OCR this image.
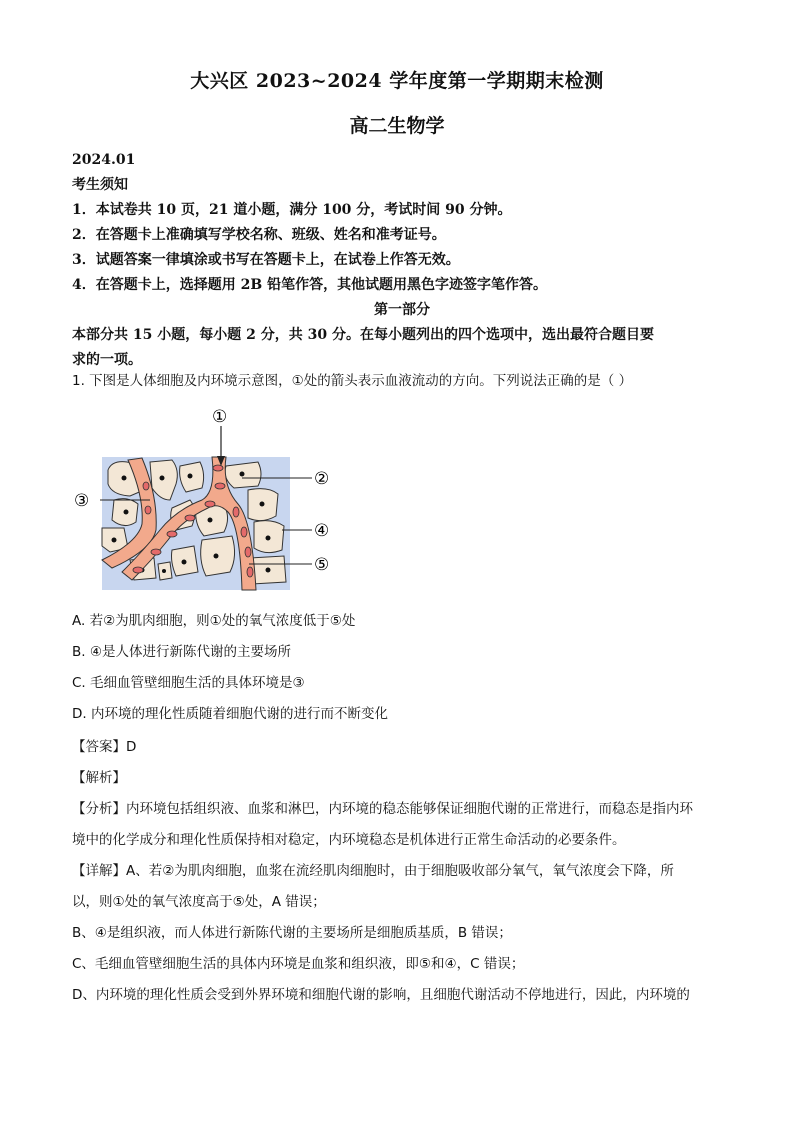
大兴区 2023~2024 学年度第一学期期末检测
高二生物学
2024.01
考生须知
1．本试卷共 10 页，21 道小题，满分 100 分，考试时间 90 分钟。
2．在答题卡上准确填写学校名称、班级、姓名和准考证号。
3．试题答案一律填涂或书写在答题卡上，在试卷上作答无效。
4．在答题卡上，选择题用 2B 铅笔作答，其他试题用黑色字迹签字笔作答。
第一部分
本部分共 15 小题，每小题 2 分，共 30 分。在每小题列出的四个选项中，选出最符合题目要
求的一项。
1. 下图是人体细胞及内环境示意图，①处的箭头表示血液流动的方向。下列说法正确的是（ ）
①
②
③
④
⑤
A. 若②为肌肉细胞，则①处的氧气浓度低于⑤处
B. ④是人体进行新陈代谢的主要场所
C. 毛细血管壁细胞生活的具体环境是③
D. 内环境的理化性质随着细胞代谢的进行而不断变化
【答案】D
【解析】
【分析】内环境包括组织液、血浆和淋巴，内环境的稳态能够保证细胞代谢的正常进行，而稳态是指内环
境中的化学成分和理化性质保持相对稳定，内环境稳态是机体进行正常生命活动的必要条件。
【详解】A、若②为肌肉细胞，血浆在流经肌肉细胞时，由于细胞吸收部分氧气，氧气浓度会下降，所
以，则①处的氧气浓度高于⑤处，A 错误；
B、④是组织液，而人体进行新陈代谢的主要场所是细胞质基质，B 错误；
C、毛细血管壁细胞生活的具体内环境是血浆和组织液，即⑤和④，C 错误；
D、内环境的理化性质会受到外界环境和细胞代谢的影响，且细胞代谢活动不停地进行，因此，内环境的
